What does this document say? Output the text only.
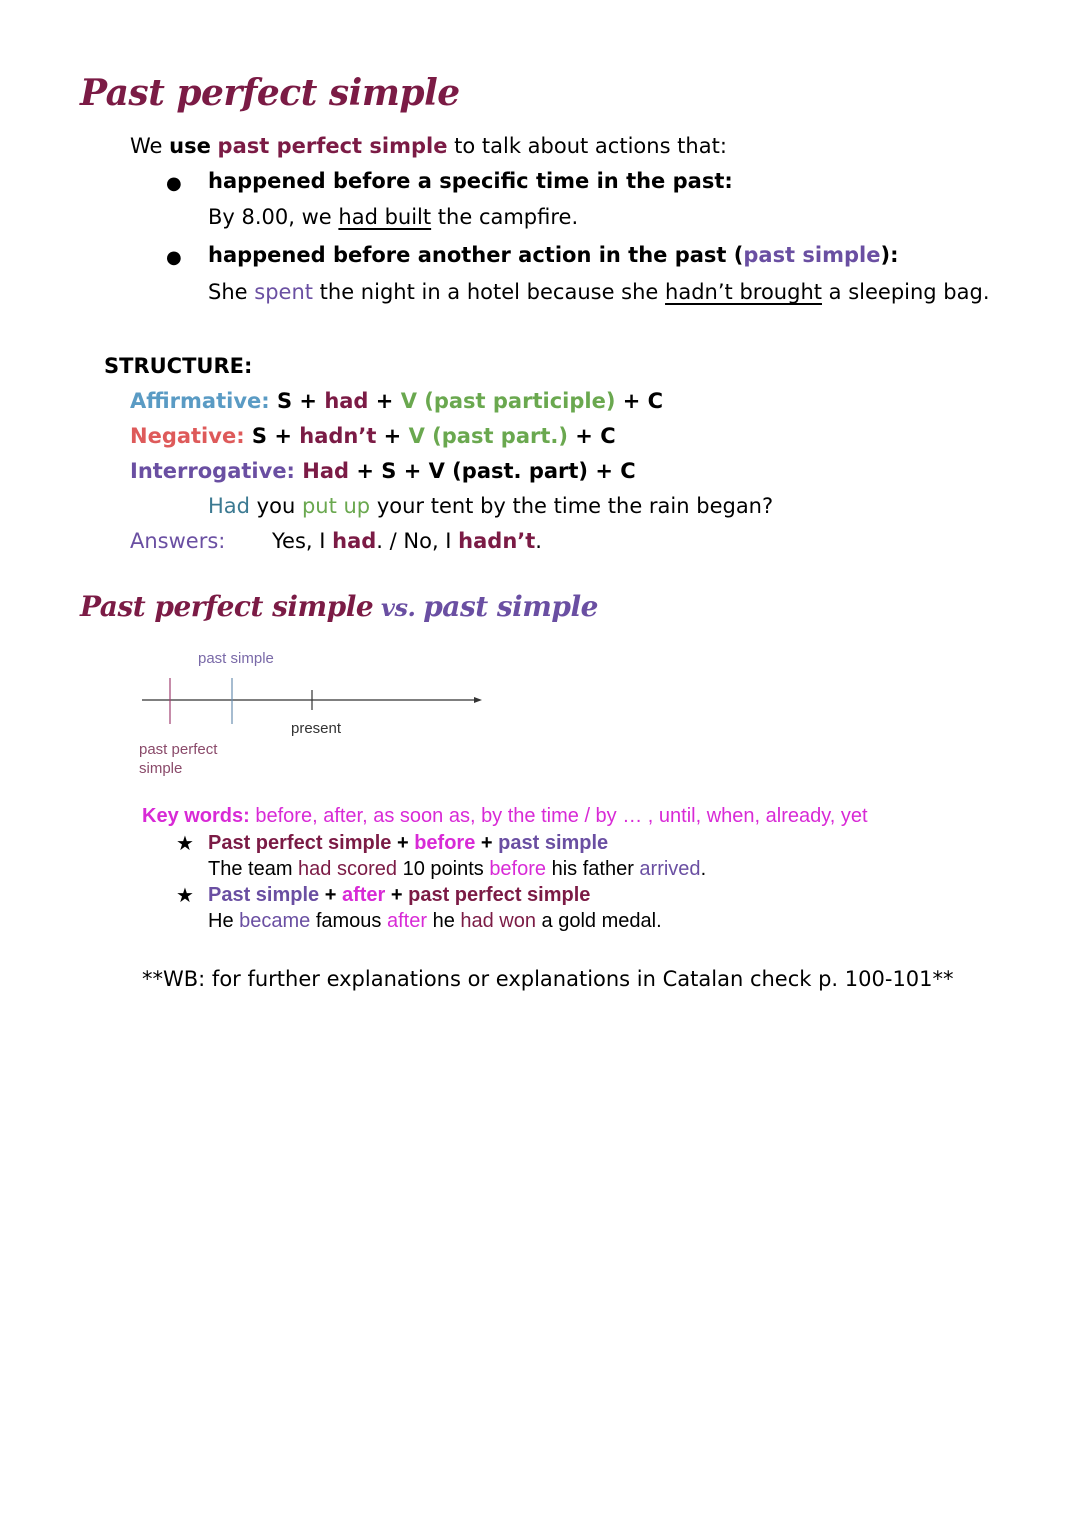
Past perfect simple
We use past perfect simple to talk about actions that:
● happened before a specific time in the past:
By 8.00, we had built the campfire.
● happened before another action in the past (past simple):
She spent the night in a hotel because she hadn’t brought a sleeping bag.
STRUCTURE:
Affirmative: S + had + V (past participle) + C
Negative: S + hadn’t + V (past part.) + C
Interrogative: Had + S + V (past. part) + C
Had you put up your tent by the time the rain began?
Answers: Yes, I had. / No, I hadn’t.
Past perfect simple vs. past simple
past simple
present
past perfect
simple
Key words: before, after, as soon as, by the time / by … , until, when, already, yet
★ Past perfect simple + before + past simple
The team had scored 10 points before his father arrived.
★ Past simple + after + past perfect simple
He became famous after he had won a gold medal.
**WB: for further explanations or explanations in Catalan check p. 100-101**
